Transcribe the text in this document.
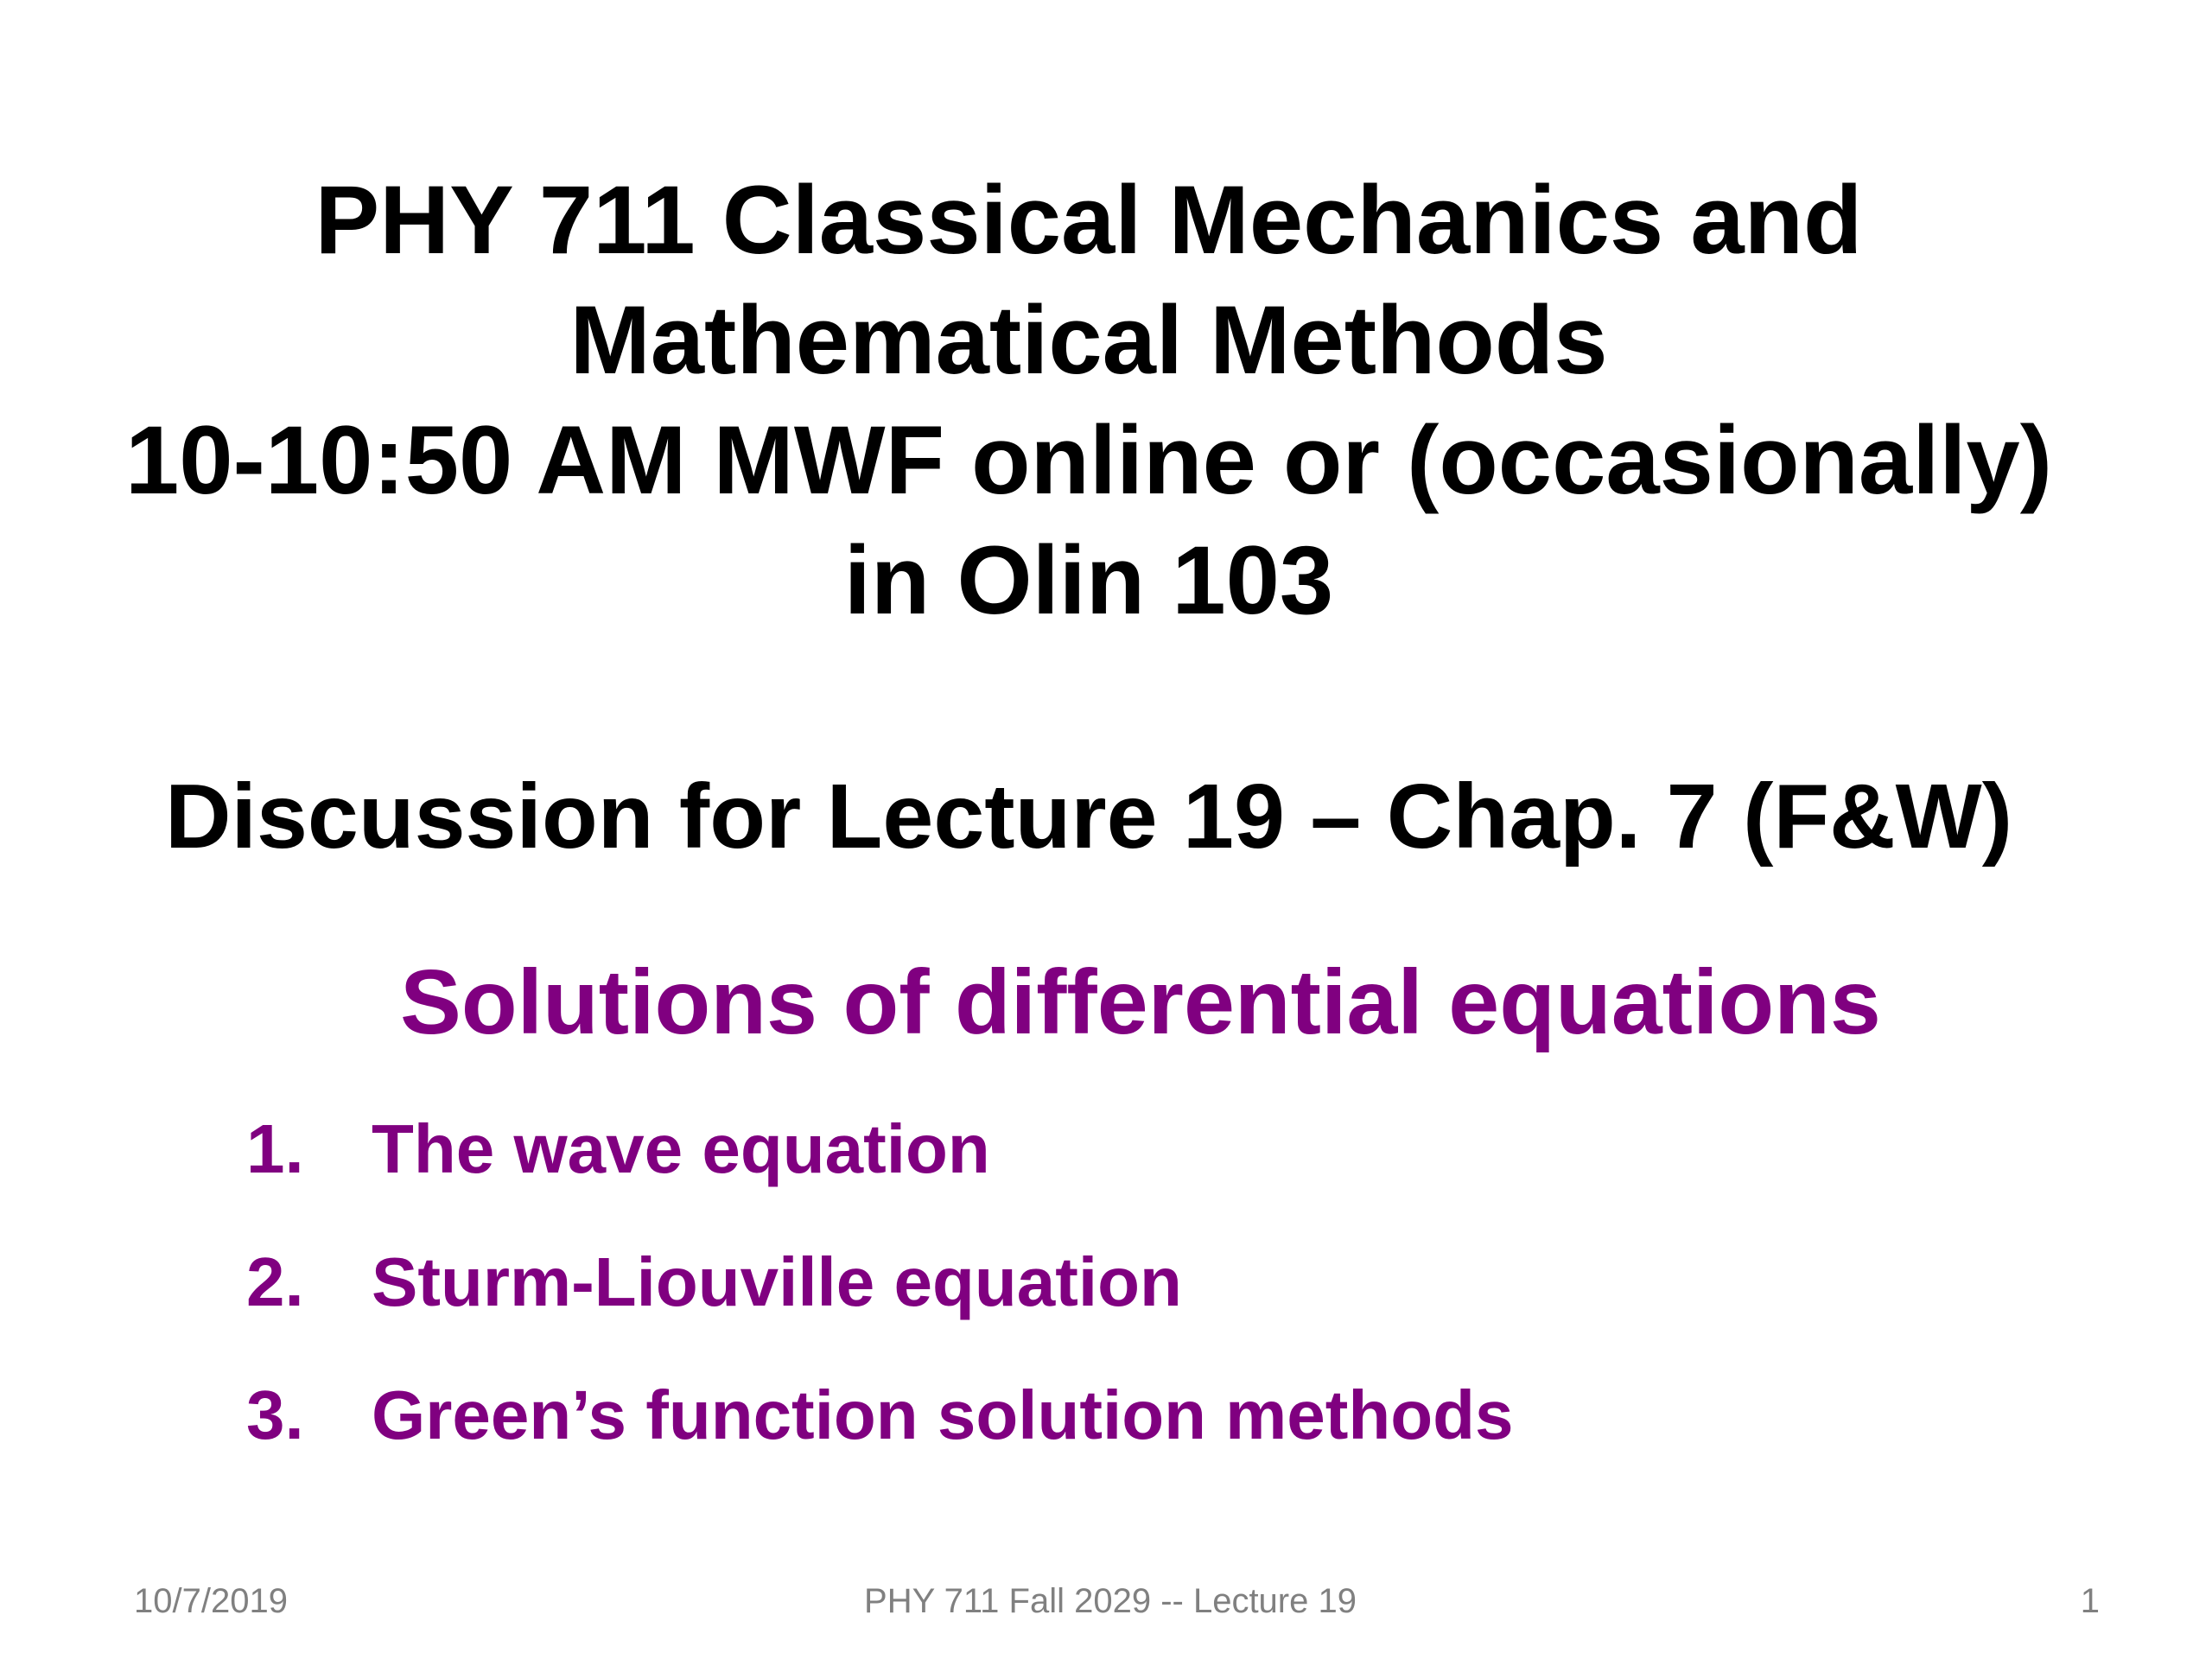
PHY 711 Classical Mechanics and
Mathematical Methods
10-10:50 AM MWF online or (occasionally)
in Olin 103
Discussion for Lecture 19 – Chap. 7 (F&W)
Solutions of differential equations
1. The wave equation
2. Sturm-Liouville equation
3. Green’s function solution methods
10/7/2019	PHY 711 Fall 2029 -- Lecture 19	1
